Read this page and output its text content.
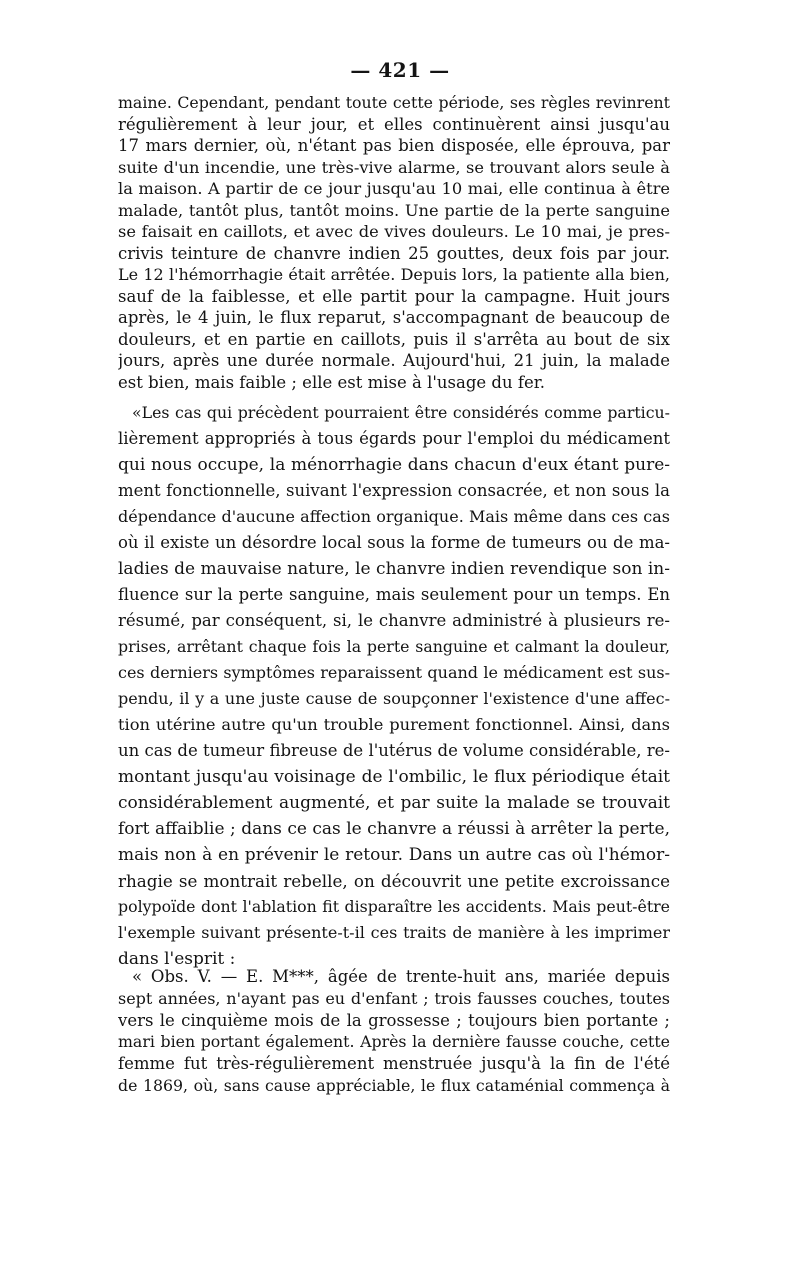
— 421 —
maine. Cependant, pendant toute cette période, ses règles revinrent
régulièrement à leur jour, et elles continuèrent ainsi jusqu'au
17 mars dernier, où, n'étant pas bien disposée, elle éprouva, par
suite d'un incendie, une très-vive alarme, se trouvant alors seule à
la maison. A partir de ce jour jusqu'au 10 mai, elle continua à être
malade, tantôt plus, tantôt moins. Une partie de la perte sanguine
se faisait en caillots, et avec de vives douleurs. Le 10 mai, je pres-
crivis teinture de chanvre indien 25 gouttes, deux fois par jour.
Le 12 l'hémorrhagie était arrêtée. Depuis lors, la patiente alla bien,
sauf de la faiblesse, et elle partit pour la campagne. Huit jours
après, le 4 juin, le flux reparut, s'accompagnant de beaucoup de
douleurs, et en partie en caillots, puis il s'arrêta au bout de six
jours, après une durée normale. Aujourd'hui, 21 juin, la malade
est bien, mais faible ; elle est mise à l'usage du fer.
«Les cas qui précèdent pourraient être considérés comme particu-
lièrement appropriés à tous égards pour l'emploi du médicament
qui nous occupe, la ménorrhagie dans chacun d'eux étant pure-
ment fonctionnelle, suivant l'expression consacrée, et non sous la
dépendance d'aucune affection organique. Mais même dans ces cas
où il existe un désordre local sous la forme de tumeurs ou de ma-
ladies de mauvaise nature, le chanvre indien revendique son in-
fluence sur la perte sanguine, mais seulement pour un temps. En
résumé, par conséquent, si, le chanvre administré à plusieurs re-
prises, arrêtant chaque fois la perte sanguine et calmant la douleur,
ces derniers symptômes reparaissent quand le médicament est sus-
pendu, il y a une juste cause de soupçonner l'existence d'une affec-
tion utérine autre qu'un trouble purement fonctionnel. Ainsi, dans
un cas de tumeur fibreuse de l'utérus de volume considérable, re-
montant jusqu'au voisinage de l'ombilic, le flux périodique était
considérablement augmenté, et par suite la malade se trouvait
fort affaiblie ; dans ce cas le chanvre a réussi à arrêter la perte,
mais non à en prévenir le retour. Dans un autre cas où l'hémor-
rhagie se montrait rebelle, on découvrit une petite excroissance
polypoïde dont l'ablation fit disparaître les accidents. Mais peut-être
l'exemple suivant présente-t-il ces traits de manière à les imprimer
dans l'esprit :
« Obs. V. — E. M***, âgée de trente-huit ans, mariée depuis
sept années, n'ayant pas eu d'enfant ; trois fausses couches, toutes
vers le cinquième mois de la grossesse ; toujours bien portante ;
mari bien portant également. Après la dernière fausse couche, cette
femme fut très-régulièrement menstruée jusqu'à la fin de l'été
de 1869, où, sans cause appréciable, le flux cataménial commença à
